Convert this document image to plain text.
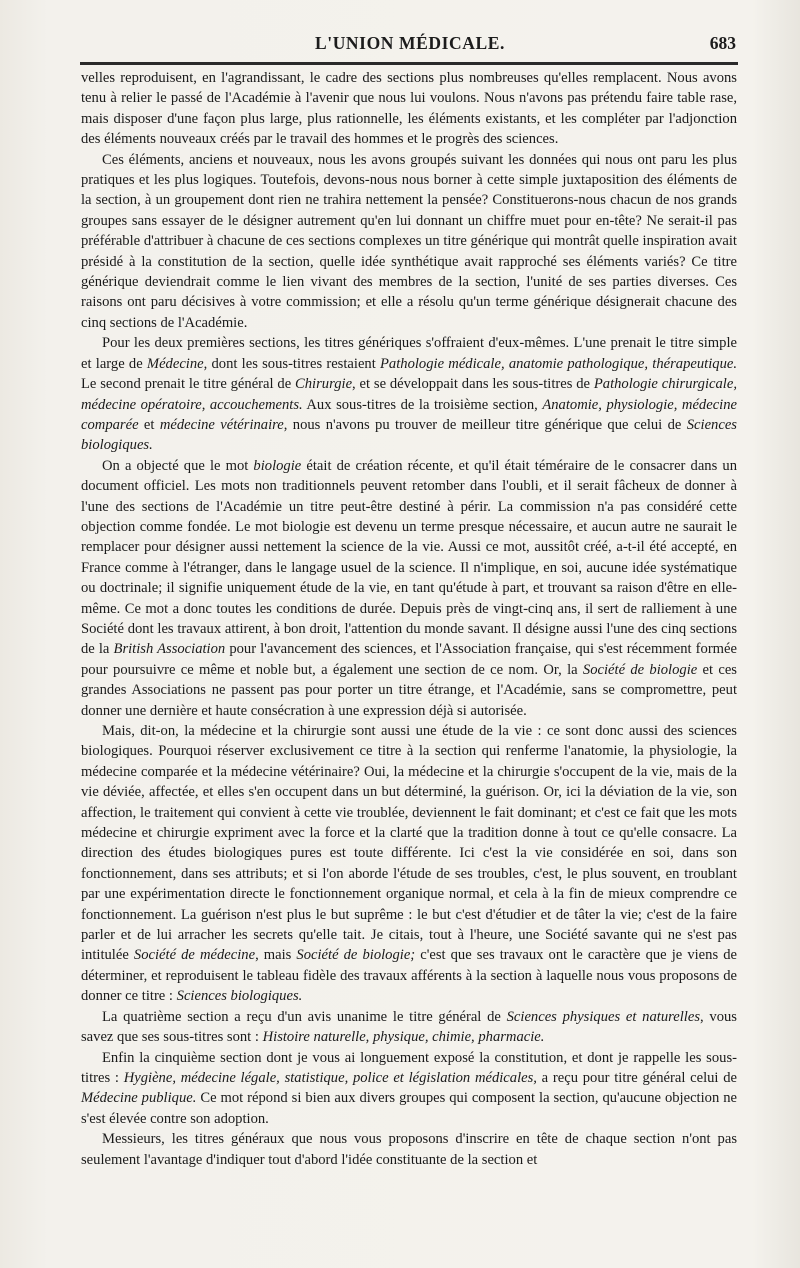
L'UNION MÉDICALE.	683

velles reproduisent, en l'agrandissant, le cadre des sections plus nombreuses qu'elles remplacent. Nous avons tenu à relier le passé de l'Académie à l'avenir que nous lui voulons. Nous n'avons pas prétendu faire table rase, mais disposer d'une façon plus large, plus rationnelle, les éléments existants, et les compléter par l'adjonction des éléments nouveaux créés par le travail des hommes et le progrès des sciences.

Ces éléments, anciens et nouveaux, nous les avons groupés suivant les données qui nous ont paru les plus pratiques et les plus logiques. Toutefois, devons-nous nous borner à cette simple juxtaposition des éléments de la section, à un groupement dont rien ne trahira nettement la pensée? Constituerons-nous chacun de nos grands groupes sans essayer de le désigner autrement qu'en lui donnant un chiffre muet pour en-tête? Ne serait-il pas préférable d'attribuer à chacune de ces sections complexes un titre générique qui montrât quelle inspiration avait présidé à la constitution de la section, quelle idée synthétique avait rapproché ses éléments variés? Ce titre générique deviendrait comme le lien vivant des membres de la section, l'unité de ses parties diverses. Ces raisons ont paru décisives à votre commission; et elle a résolu qu'un terme générique désignerait chacune des cinq sections de l'Académie.

Pour les deux premières sections, les titres génériques s'offraient d'eux-mêmes. L'une prenait le titre simple et large de Médecine, dont les sous-titres restaient Pathologie médicale, anatomie pathologique, thérapeutique. Le second prenait le titre général de Chirurgie, et se développait dans les sous-titres de Pathologie chirurgicale, médecine opératoire, accouchements. Aux sous-titres de la troisième section, Anatomie, physiologie, médecine comparée et médecine vétérinaire, nous n'avons pu trouver de meilleur titre générique que celui de Sciences biologiques.

On a objecté que le mot biologie était de création récente, et qu'il était téméraire de le consacrer dans un document officiel. Les mots non traditionnels peuvent retomber dans l'oubli, et il serait fâcheux de donner à l'une des sections de l'Académie un titre peut-être destiné à périr. La commission n'a pas considéré cette objection comme fondée. Le mot biologie est devenu un terme presque nécessaire, et aucun autre ne saurait le remplacer pour désigner aussi nettement la science de la vie. Aussi ce mot, aussitôt créé, a-t-il été accepté, en France comme à l'étranger, dans le langage usuel de la science. Il n'implique, en soi, aucune idée systématique ou doctrinale; il signifie uniquement étude de la vie, en tant qu'étude à part, et trouvant sa raison d'être en elle-même. Ce mot a donc toutes les conditions de durée. Depuis près de vingt-cinq ans, il sert de ralliement à une Société dont les travaux attirent, à bon droit, l'attention du monde savant. Il désigne aussi l'une des cinq sections de la British Association pour l'avancement des sciences, et l'Association française, qui s'est récemment formée pour poursuivre ce même et noble but, a également une section de ce nom. Or, la Société de biologie et ces grandes Associations ne passent pas pour porter un titre étrange, et l'Académie, sans se compromettre, peut donner une dernière et haute consécration à une expression déjà si autorisée.

Mais, dit-on, la médecine et la chirurgie sont aussi une étude de la vie : ce sont donc aussi des sciences biologiques. Pourquoi réserver exclusivement ce titre à la section qui renferme l'anatomie, la physiologie, la médecine comparée et la médecine vétérinaire? Oui, la médecine et la chirurgie s'occupent de la vie, mais de la vie déviée, affectée, et elles s'en occupent dans un but déterminé, la guérison. Or, ici la déviation de la vie, son affection, le traitement qui convient à cette vie troublée, deviennent le fait dominant; et c'est ce fait que les mots médecine et chirurgie expriment avec la force et la clarté que la tradition donne à tout ce qu'elle consacre. La direction des études biologiques pures est toute différente. Ici c'est la vie considérée en soi, dans son fonctionnement, dans ses attributs; et si l'on aborde l'étude de ses troubles, c'est, le plus souvent, en troublant par une expérimentation directe le fonctionnement organique normal, et cela à la fin de mieux comprendre ce fonctionnement. La guérison n'est plus le but suprême : le but c'est d'étudier et de tâter la vie; c'est de la faire parler et de lui arracher les secrets qu'elle tait. Je citais, tout à l'heure, une Société savante qui ne s'est pas intitulée Société de médecine, mais Société de biologie; c'est que ses travaux ont le caractère que je viens de déterminer, et reproduisent le tableau fidèle des travaux afférents à la section à laquelle nous vous proposons de donner ce titre : Sciences biologiques.

La quatrième section a reçu d'un avis unanime le titre général de Sciences physiques et naturelles, vous savez que ses sous-titres sont : Histoire naturelle, physique, chimie, pharmacie.

Enfin la cinquième section dont je vous ai longuement exposé la constitution, et dont je rappelle les sous-titres : Hygiène, médecine légale, statistique, police et législation médicales, a reçu pour titre général celui de Médecine publique. Ce mot répond si bien aux divers groupes qui composent la section, qu'aucune objection ne s'est élevée contre son adoption.

Messieurs, les titres généraux que nous vous proposons d'inscrire en tête de chaque section n'ont pas seulement l'avantage d'indiquer tout d'abord l'idée constituante de la section et
